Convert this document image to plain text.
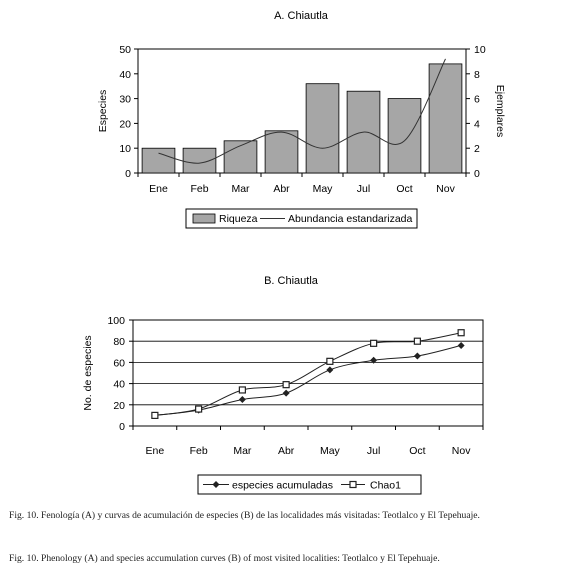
A. Chiautla
Especies	Ejemplares
0
10
20
30
40
50
0
2
4
6
8
10
Ene Feb Mar Abr May Jul Oct Nov
Riqueza	Abundancia estandarizada
B. Chiautla
No. de especies
0
20
40
60
80
100
Ene Feb Mar	Abr May	Jul	Oct Nov
especies acumuladas	Chao1
Fig. 10. Fenología (A) y curvas de acumulación de especies (B) de las localidades más visitadas: Teotlalco y El Tepehuaje.
Fig. 10. Phenology (A) and species accumulation curves (B) of most visited localities: Teotlalco y El Tepehuaje.
